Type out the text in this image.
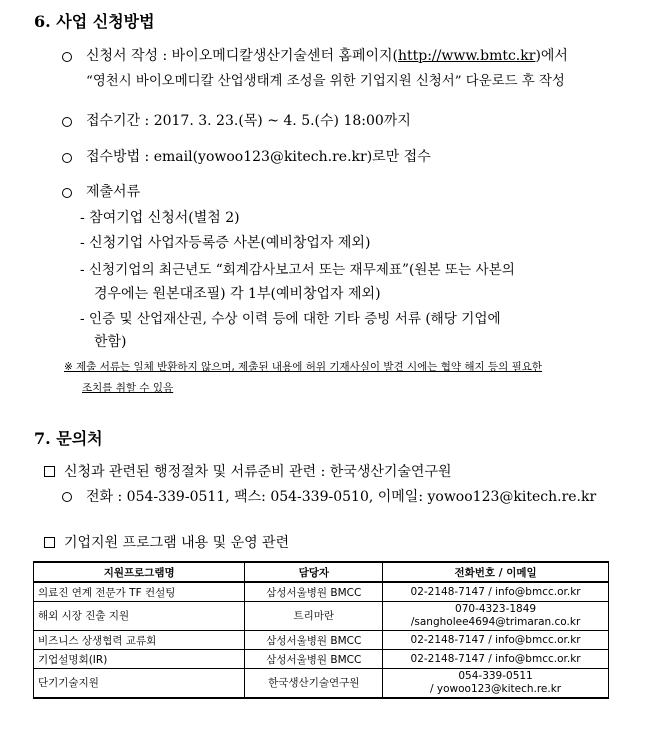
6. 사업 신청방법
신청서 작성 : 바이오메디칼생산기술센터 홈페이지(http://www.bmtc.kr)에서
“영천시 바이오메디칼 산업생태계 조성을 위한 기업지원 신청서” 다운로드 후 작성
접수기간 : 2017. 3. 23.(목) ~ 4. 5.(수) 18:00까지
접수방법 : email(yowoo123@kitech.re.kr)로만 접수
제출서류
- 참여기업 신청서(별첨 2)
- 신청기업 사업자등록증 사본(예비창업자 제외)
- 신청기업의 최근년도 “회계감사보고서 또는 재무제표”(원본 또는 사본의
경우에는 원본대조필) 각 1부(예비창업자 제외)
- 인증 및 산업재산권, 수상 이력 등에 대한 기타 증빙 서류 (해당 기업에
한함)
※ 제출 서류는 일체 반환하지 않으며, 제출된 내용에 허위 기재사실이 발견 시에는 협약 해지 등의 필요한
조치를 취할 수 있음
7. 문의처
신청과 관련된 행정절차 및 서류준비 관련 : 한국생산기술연구원
전화 : 054-339-0511, 팩스: 054-339-0510, 이메일: yowoo123@kitech.re.kr
기업지원 프로그램 내용 및 운영 관련
지원프로그램명	담당자	전화번호 / 이메일
의료진 연계 전문가 TF 컨설팅	삼성서울병원 BMCC	02-2148-7147 / info@bmcc.or.kr
해외 시장 진출 지원	트리마란	070-4323-1849
/sangholee4694@trimaran.co.kr

비즈니스 상생협력 교류회	삼성서울병원 BMCC	02-2148-7147 / info@bmcc.or.kr
기업설명회(IR)	삼성서울병원 BMCC	02-2148-7147 / info@bmcc.or.kr
단기기술지원	한국생산기술연구원	054-339-0511
/ yowoo123@kitech.re.kr
